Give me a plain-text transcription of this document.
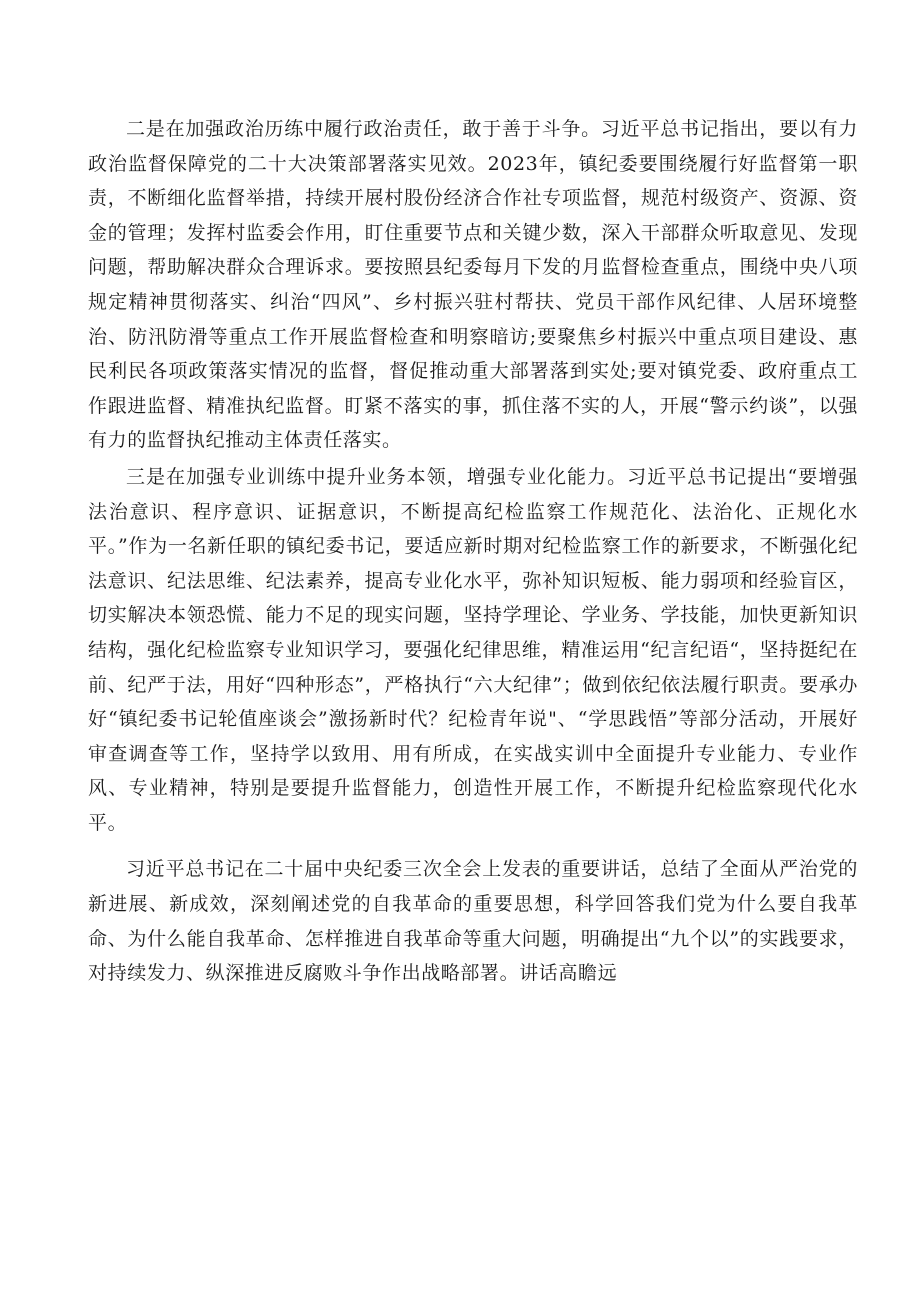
二是在加强政治历练中履行政治责任，敢于善于斗争。习近平总书记指出，要以有力政治监督保障党的二十大决策部署落实见效。2023年，镇纪委要围绕履行好监督第一职责，不断细化监督举措，持续开展村股份经济合作社专项监督，规范村级资产、资源、资金的管理；发挥村监委会作用，盯住重要节点和关键少数，深入干部群众听取意见、发现问题，帮助解决群众合理诉求。要按照县纪委每月下发的月监督检查重点，围绕中央八项规定精神贯彻落实、纠治“四风”、乡村振兴驻村帮扶、党员干部作风纪律、人居环境整治、防汛防滑等重点工作开展监督检查和明察暗访;要聚焦乡村振兴中重点项目建设、惠民利民各项政策落实情况的监督，督促推动重大部署落到实处;要对镇党委、政府重点工作跟进监督、精准执纪监督。盯紧不落实的事，抓住落不实的人，开展“警示约谈”，以强有力的监督执纪推动主体责任落实。

三是在加强专业训练中提升业务本领，增强专业化能力。习近平总书记提出“要增强法治意识、程序意识、证据意识，不断提高纪检监察工作规范化、法治化、正规化水平。”作为一名新任职的镇纪委书记，要适应新时期对纪检监察工作的新要求，不断强化纪法意识、纪法思维、纪法素养，提高专业化水平，弥补知识短板、能力弱项和经验盲区，切实解决本领恐慌、能力不足的现实问题，坚持学理论、学业务、学技能，加快更新知识结构，强化纪检监察专业知识学习，要强化纪律思维，精准运用“纪言纪语“，坚持挺纪在前、纪严于法，用好“四种形态”，严格执行“六大纪律”；做到依纪依法履行职责。要承办好“镇纪委书记轮值座谈会”激扬新时代？纪检青年说"、“学思践悟”等部分活动，开展好审查调查等工作，坚持学以致用、用有所成，在实战实训中全面提升专业能力、专业作风、专业精神，特别是要提升监督能力，创造性开展工作，不断提升纪检监察现代化水平。

习近平总书记在二十届中央纪委三次全会上发表的重要讲话，总结了全面从严治党的新进展、新成效，深刻阐述党的自我革命的重要思想，科学回答我们党为什么要自我革命、为什么能自我革命、怎样推进自我革命等重大问题，明确提出“九个以”的实践要求，对持续发力、纵深推进反腐败斗争作出战略部署。讲话高瞻远
